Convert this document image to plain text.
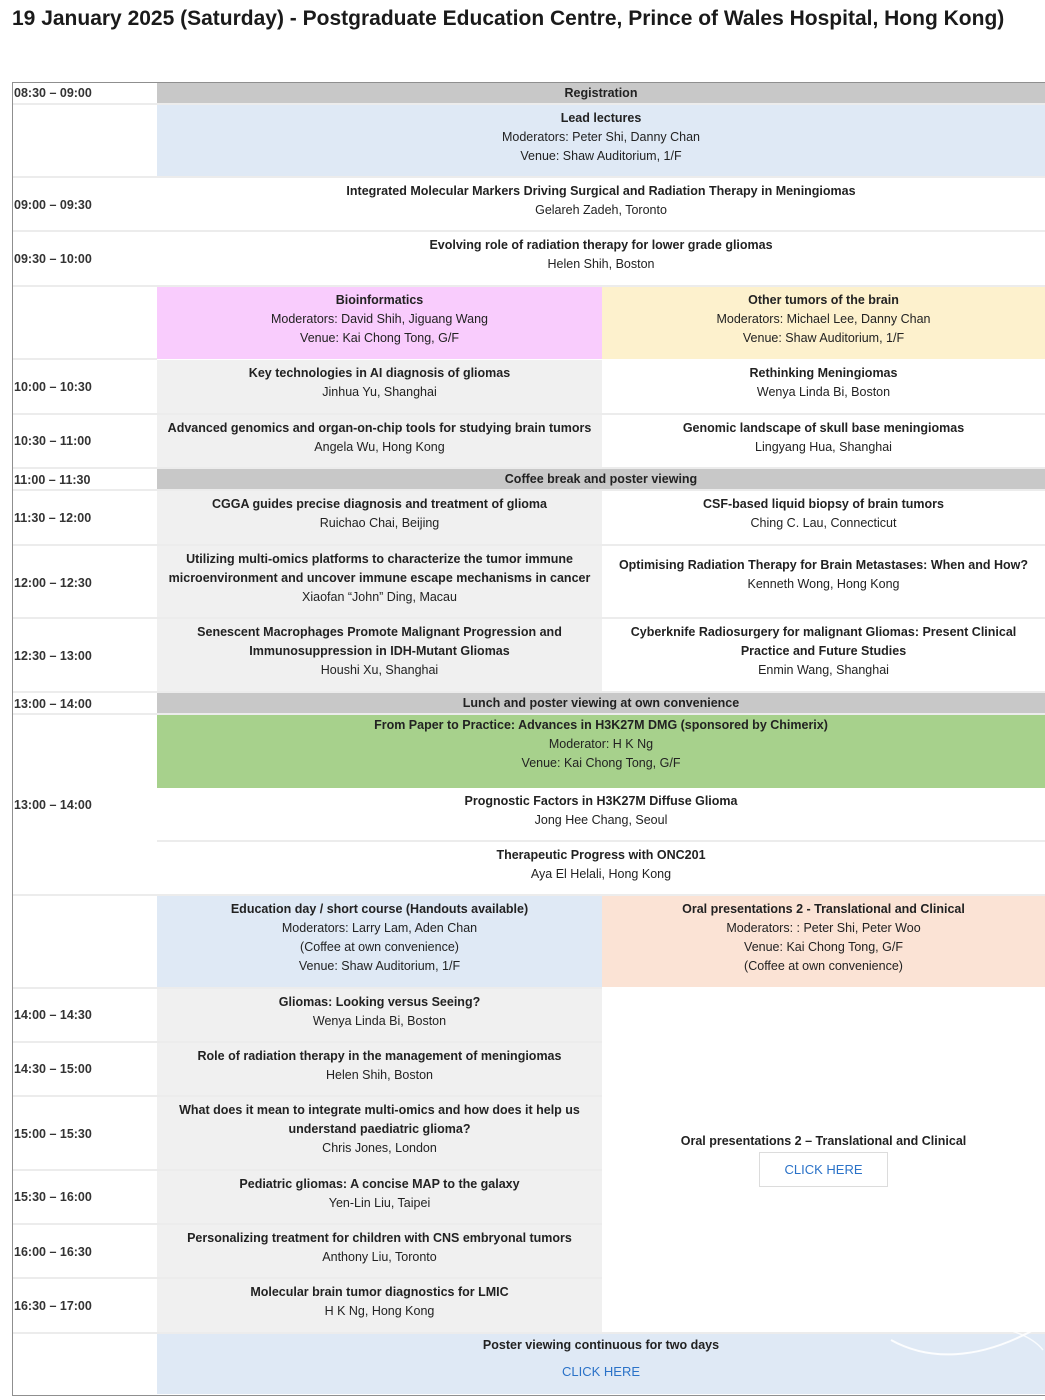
19 January 2025 (Saturday) - Postgraduate Education Centre, Prince of Wales Hospital, Hong Kong)
08:30 – 09:00
09:00 – 09:30
09:30 – 10:00
10:00 – 10:30
10:30 – 11:00
11:00 – 11:30
11:30 – 12:00
12:00 – 12:30
12:30 – 13:00
13:00 – 14:00
13:00 – 14:00
14:00 – 14:30
14:30 – 15:00
15:00 – 15:30
15:30 – 16:00
16:00 – 16:30
16:30 – 17:00
Registration
Lead lectures
Moderators: Peter Shi, Danny Chan
Venue: Shaw Auditorium, 1/F
Integrated Molecular Markers Driving Surgical and Radiation Therapy in Meningiomas
Gelareh Zadeh, Toronto
Evolving role of radiation therapy for lower grade gliomas
Helen Shih, Boston
Bioinformatics
Moderators: David Shih, Jiguang Wang
Venue: Kai Chong Tong, G/F
Other tumors of the brain
Moderators: Michael Lee, Danny Chan
Venue: Shaw Auditorium, 1/F
Key technologies in AI diagnosis of gliomas
Jinhua Yu, Shanghai
Rethinking Meningiomas
Wenya Linda Bi, Boston
Advanced genomics and organ-on-chip tools for studying brain tumors
Angela Wu, Hong Kong
Genomic landscape of skull base meningiomas
Lingyang Hua, Shanghai
Coffee break and poster viewing
CGGA guides precise diagnosis and treatment of glioma
Ruichao Chai, Beijing
CSF-based liquid biopsy of brain tumors
Ching C. Lau, Connecticut
Utilizing multi-omics platforms to characterize the tumor immune
microenvironment and uncover immune escape mechanisms in cancer
Xiaofan “John” Ding, Macau
Optimising Radiation Therapy for Brain Metastases: When and How?
Kenneth Wong, Hong Kong
Senescent Macrophages Promote Malignant Progression and
Immunosuppression in IDH-Mutant Gliomas
Houshi Xu, Shanghai
Cyberknife Radiosurgery for malignant Gliomas: Present Clinical
Practice and Future Studies
Enmin Wang, Shanghai
Lunch and poster viewing at own convenience
From Paper to Practice: Advances in H3K27M DMG (sponsored by Chimerix)
Moderator: H K Ng
Venue: Kai Chong Tong, G/F
Prognostic Factors in H3K27M Diffuse Glioma
Jong Hee Chang, Seoul
Therapeutic Progress with ONC201
Aya El Helali, Hong Kong
Education day / short course (Handouts available)
Moderators: Larry Lam, Aden Chan
(Coffee at own convenience)
Venue: Shaw Auditorium, 1/F
Oral presentations 2 - Translational and Clinical
Moderators: : Peter Shi, Peter Woo
Venue: Kai Chong Tong, G/F
(Coffee at own convenience)
Gliomas: Looking versus Seeing?
Wenya Linda Bi, Boston
Role of radiation therapy in the management of meningiomas
Helen Shih, Boston
What does it mean to integrate multi-omics and how does it help us
understand paediatric glioma?
Chris Jones, London
Pediatric gliomas: A concise MAP to the galaxy
Yen-Lin Liu, Taipei
Personalizing treatment for children with CNS embryonal tumors
Anthony Liu, Toronto
Molecular brain tumor diagnostics for LMIC
H K Ng, Hong Kong
Oral presentations 2 – Translational and Clinical
CLICK HERE
Poster viewing continuous for two days
CLICK HERE
